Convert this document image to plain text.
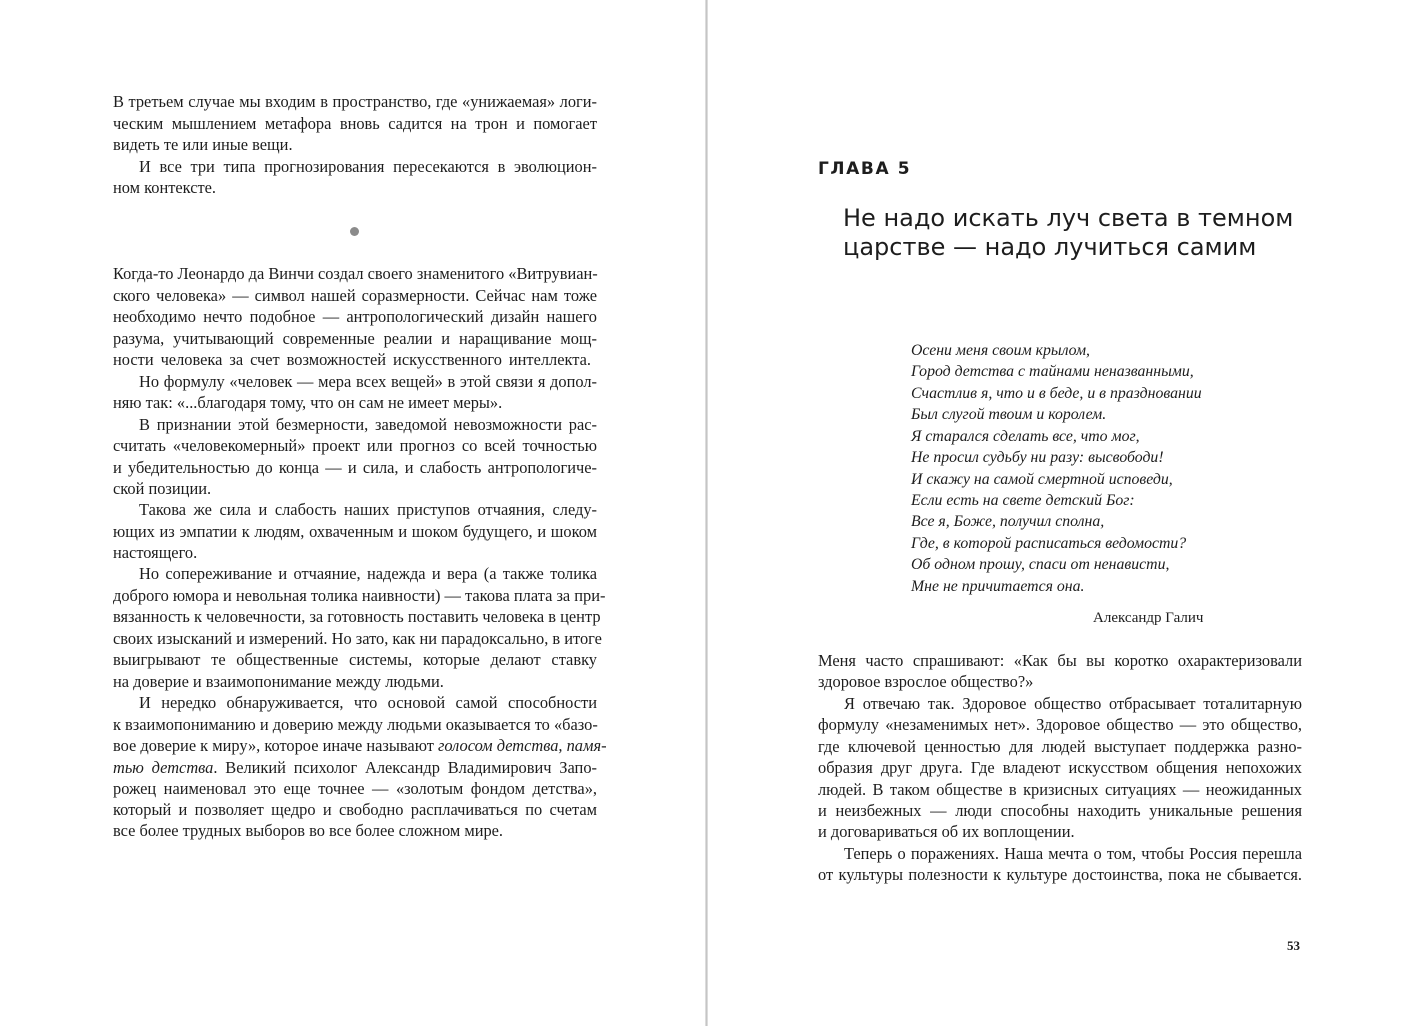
В третьем случае мы входим в пространство, где «унижаемая» логи-
ческим мышлением метафора вновь садится на трон и помогает
видеть те или иные вещи.
И все три типа прогнозирования пересекаются в эволюцион-
ном контексте.
Когда-то Леонардо да Винчи создал своего знаменитого «Витрувиан-
ского человека» — символ нашей соразмерности. Сейчас нам тоже
необходимо нечто подобное — антропологический дизайн нашего
разума, учитывающий современные реалии и наращивание мощ-
ности человека за счет возможностей искусственного интеллекта.
Но формулу «человек — мера всех вещей» в этой связи я допол-
няю так: «...благодаря тому, что он сам не имеет меры».
В признании этой безмерности, заведомой невозможности рас-
считать «человекомерный» проект или прогноз со всей точностью
и убедительностью до конца — и сила, и слабость антропологиче-
ской позиции.
Такова же сила и слабость наших приступов отчаяния, следу-
ющих из эмпатии к людям, охваченным и шоком будущего, и шоком
настоящего.
Но сопереживание и отчаяние, надежда и вера (а также толика
доброго юмора и невольная толика наивности) — такова плата за при-
вязанность к человечности, за готовность поставить человека в центр
своих изысканий и измерений. Но зато, как ни парадоксально, в итоге
выигрывают те общественные системы, которые делают ставку
на доверие и взаимопонимание между людьми.
И нередко обнаруживается, что основой самой способности
к взаимопониманию и доверию между людьми оказывается то «базо-
вое доверие к миру», которое иначе называют голосом детства, памя-
тью детства. Великий психолог Александр Владимирович Запо-
рожец наименовал это еще точнее — «золотым фондом детства»,
который и позволяет щедро и свободно расплачиваться по счетам
все более трудных выборов во все более сложном мире.
ГЛАВА 5
Не надо искать луч света в темном
царстве — надо лучиться самим
Осени меня своим крылом,
Город детства с тайнами неназванными,
Счастлив я, что и в беде, и в праздновании
Был слугой твоим и королем.
Я старался сделать все, что мог,
Не просил судьбу ни разу: высвободи!
И скажу на самой смертной исповеди,
Если есть на свете детский Бог:
Все я, Боже, получил сполна,
Где, в которой расписаться ведомости?
Об одном прошу, спаси от ненависти,
Мне не причитается она.
Александр Галич
Меня часто спрашивают: «Как бы вы коротко охарактеризовали
здоровое взрослое общество?»
Я отвечаю так. Здоровое общество отбрасывает тоталитарную
формулу «незаменимых нет». Здоровое общество — это общество,
где ключевой ценностью для людей выступает поддержка разно-
образия друг друга. Где владеют искусством общения непохожих
людей. В таком обществе в кризисных ситуациях — неожиданных
и неизбежных — люди способны находить уникальные решения
и договариваться об их воплощении.
Теперь о поражениях. Наша мечта о том, чтобы Россия перешла
от культуры полезности к культуре достоинства, пока не сбывается.
53
